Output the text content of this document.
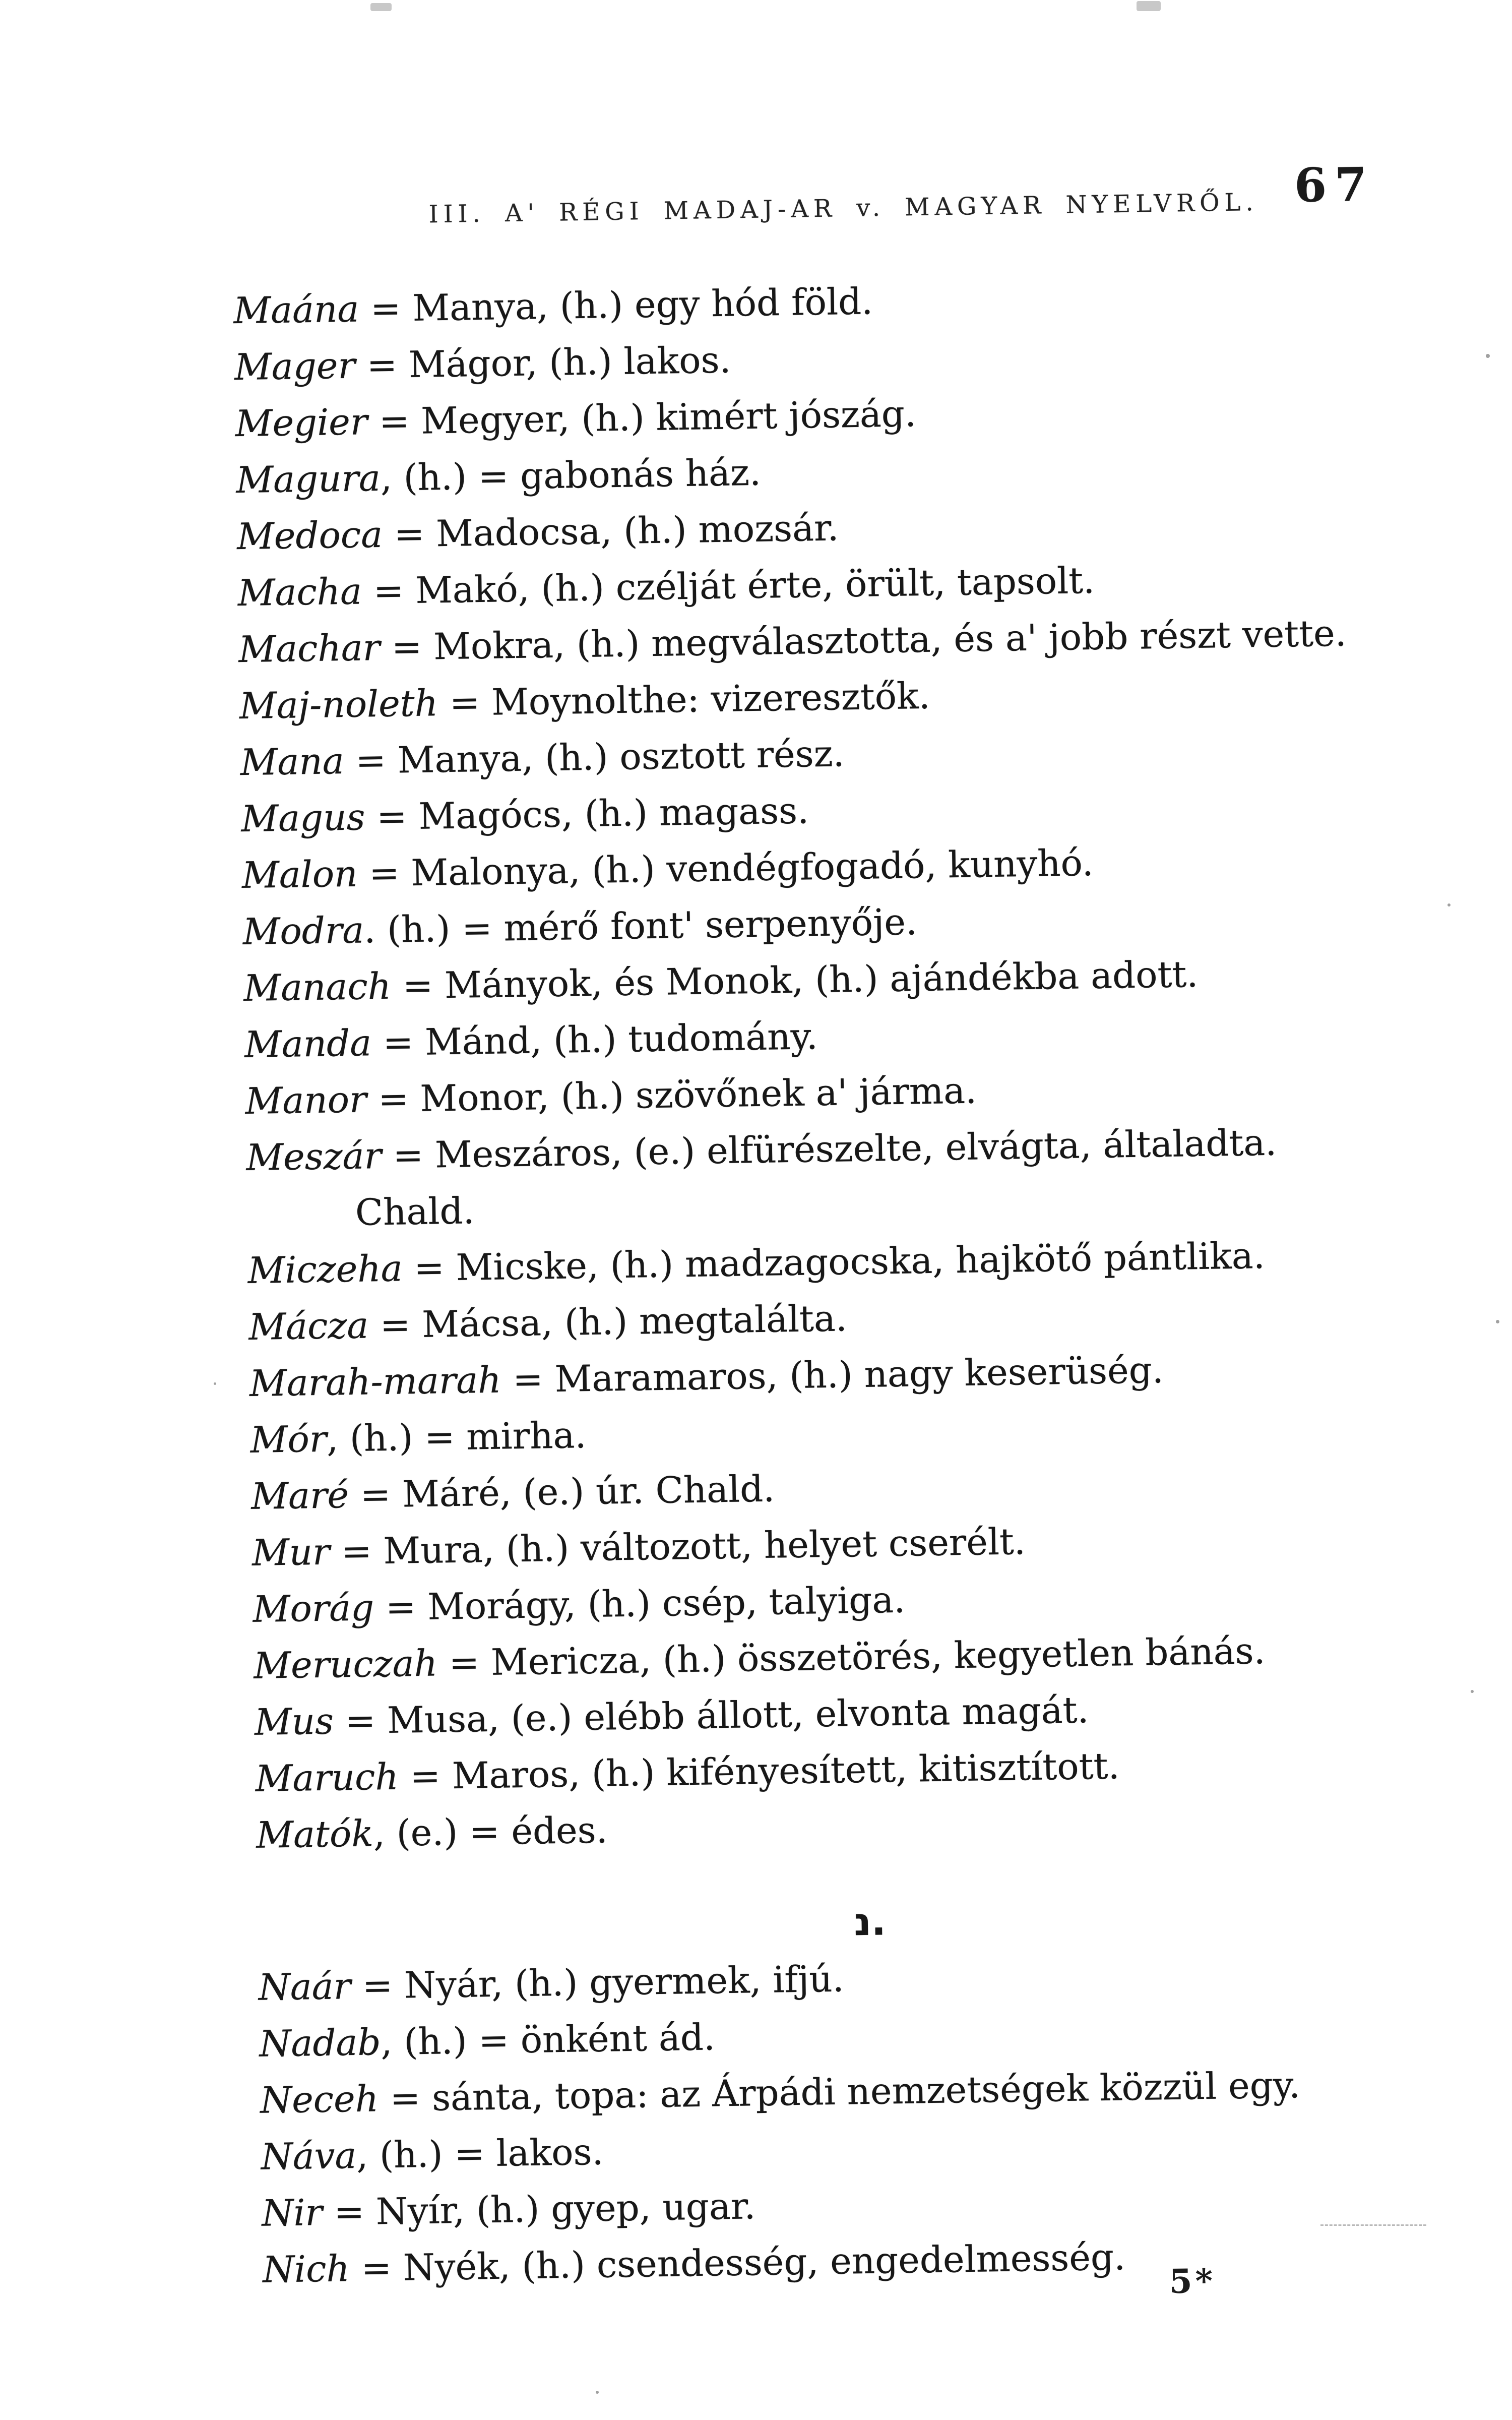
III. A' RÉGI MADAJ-AR v. MAGYAR NYELVRŐL. 67
Maána = Manya, (h.) egy hód föld.
Mager = Mágor, (h.) lakos.
Megier = Megyer, (h.) kimért jószág.
Magura, (h.) = gabonás ház.
Medoca = Madocsa, (h.) mozsár.
Macha = Makó, (h.) czélját érte, örült, tapsolt.
Machar = Mokra, (h.) megválasztotta, és a' jobb részt vette.
Maj-noleth = Moynolthe: vizeresztők.
Mana = Manya, (h.) osztott rész.
Magus = Magócs, (h.) magass.
Malon = Malonya, (h.) vendégfogadó, kunyhó.
Modra. (h.) = mérő font' serpenyője.
Manach = Mányok, és Monok, (h.) ajándékba adott.
Manda = Mánd, (h.) tudomány.
Manor = Monor, (h.) szövőnek a' járma.
Meszár = Meszáros, (e.) elfürészelte, elvágta, általadta.
Chald.
Miczeha = Micske, (h.) madzagocska, hajkötő pántlika.
Mácza = Mácsa, (h.) megtalálta.
Marah-marah = Maramaros, (h.) nagy keserüség.
Mór, (h.) = mirha.
Maré = Máré, (e.) úr. Chald.
Mur = Mura, (h.) változott, helyet cserélt.
Morág = Morágy, (h.) csép, talyiga.
Meruczah = Mericza, (h.) összetörés, kegyetlen bánás.
Mus = Musa, (e.) elébb állott, elvonta magát.
Maruch = Maros, (h.) kifényesített, kitisztított.
Matók, (e.) = édes.
נ.
Naár = Nyár, (h.) gyermek, ifjú.
Nadab, (h.) = önként ád.
Neceh = sánta, topa: az Árpádi nemzetségek közzül egy.
Náva, (h.) = lakos.
Nir = Nyír, (h.) gyep, ugar.
Nich = Nyék, (h.) csendesség, engedelmesség.	5*
